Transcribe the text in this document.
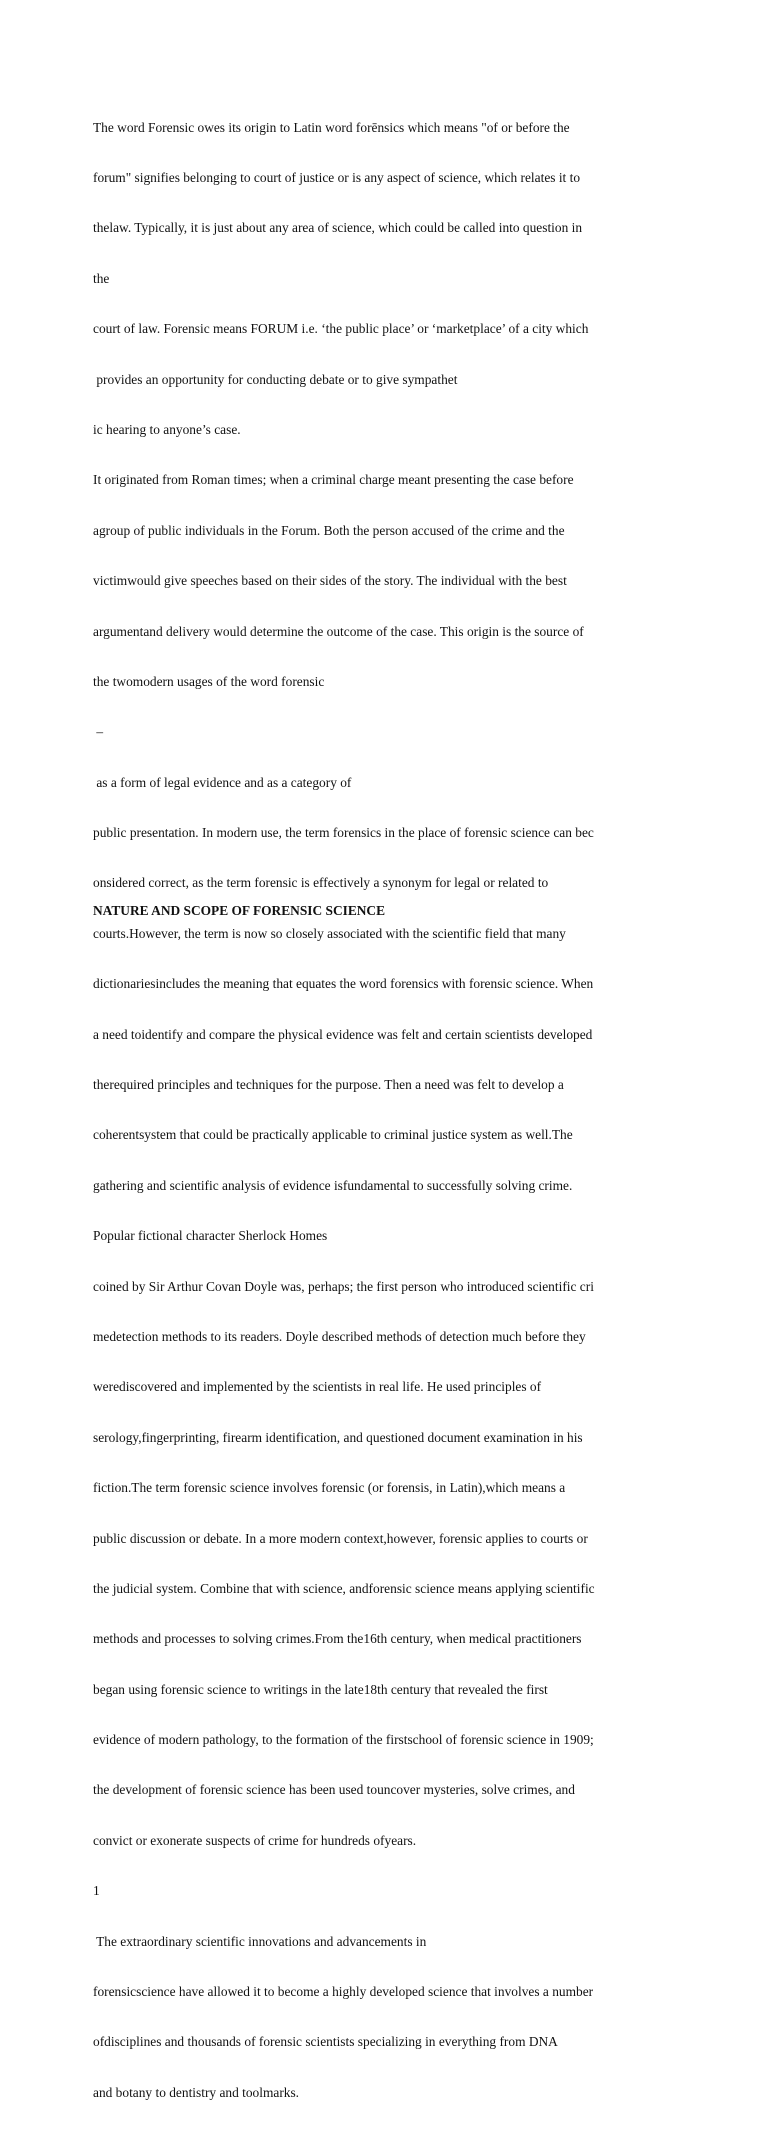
The word Forensic owes its origin to Latin word forēnsics which means "of or before the

forum" signifies belonging to court of justice or is any aspect of science, which relates it to

thelaw. Typically, it is just about any area of science, which could be called into question in

the

court of law. Forensic means FORUM i.e. ‘the public place’ or ‘marketplace’ of a city which

provides an opportunity for conducting debate or to give sympathet

ic hearing to anyone’s case.

It originated from Roman times; when a criminal charge meant presenting the case before

agroup of public individuals in the Forum. Both the person accused of the crime and the

victimwould give speeches based on their sides of the story. The individual with the best

argumentand delivery would determine the outcome of the case. This origin is the source of

the twomodern usages of the word forensic

–

as a form of legal evidence and as a category of

public presentation. In modern use, the term forensics in the place of forensic science can bec

onsidered correct, as the term forensic is effectively a synonym for legal or related to

courts.However, the term is now so closely associated with the scientific field that many

dictionariesincludes the meaning that equates the word forensics with forensic science. When

a need toidentify and compare the physical evidence was felt and certain scientists developed

therequired principles and techniques for the purpose. Then a need was felt to develop a

coherentsystem that could be practically applicable to criminal justice system as well.The

gathering and scientific analysis of evidence isfundamental to successfully solving crime.

Popular fictional character Sherlock Homes

coined by Sir Arthur Covan Doyle was, perhaps; the first person who introduced scientific cri

medetection methods to its readers. Doyle described methods of detection much before they

werediscovered and implemented by the scientists in real life. He used principles of

serology,fingerprinting, firearm identification, and questioned document examination in his

fiction.The term forensic science involves forensic (or forensis, in Latin),which means a

public discussion or debate. In a more modern context,however, forensic applies to courts or

the judicial system. Combine that with science, andforensic science means applying scientific

methods and processes to solving crimes.From the16th century, when medical practitioners

began using forensic science to writings in the late18th century that revealed the first

evidence of modern pathology, to the formation of the firstschool of forensic science in 1909;

the development of forensic science has been used touncover mysteries, solve crimes, and

convict or exonerate suspects of crime for hundreds ofyears.

1

The extraordinary scientific innovations and advancements in

forensicscience have allowed it to become a highly developed science that involves a number

ofdisciplines and thousands of forensic scientists specializing in everything from DNA

and botany to dentistry and toolmarks.

NATURE AND SCOPE OF FORENSIC SCIENCE
